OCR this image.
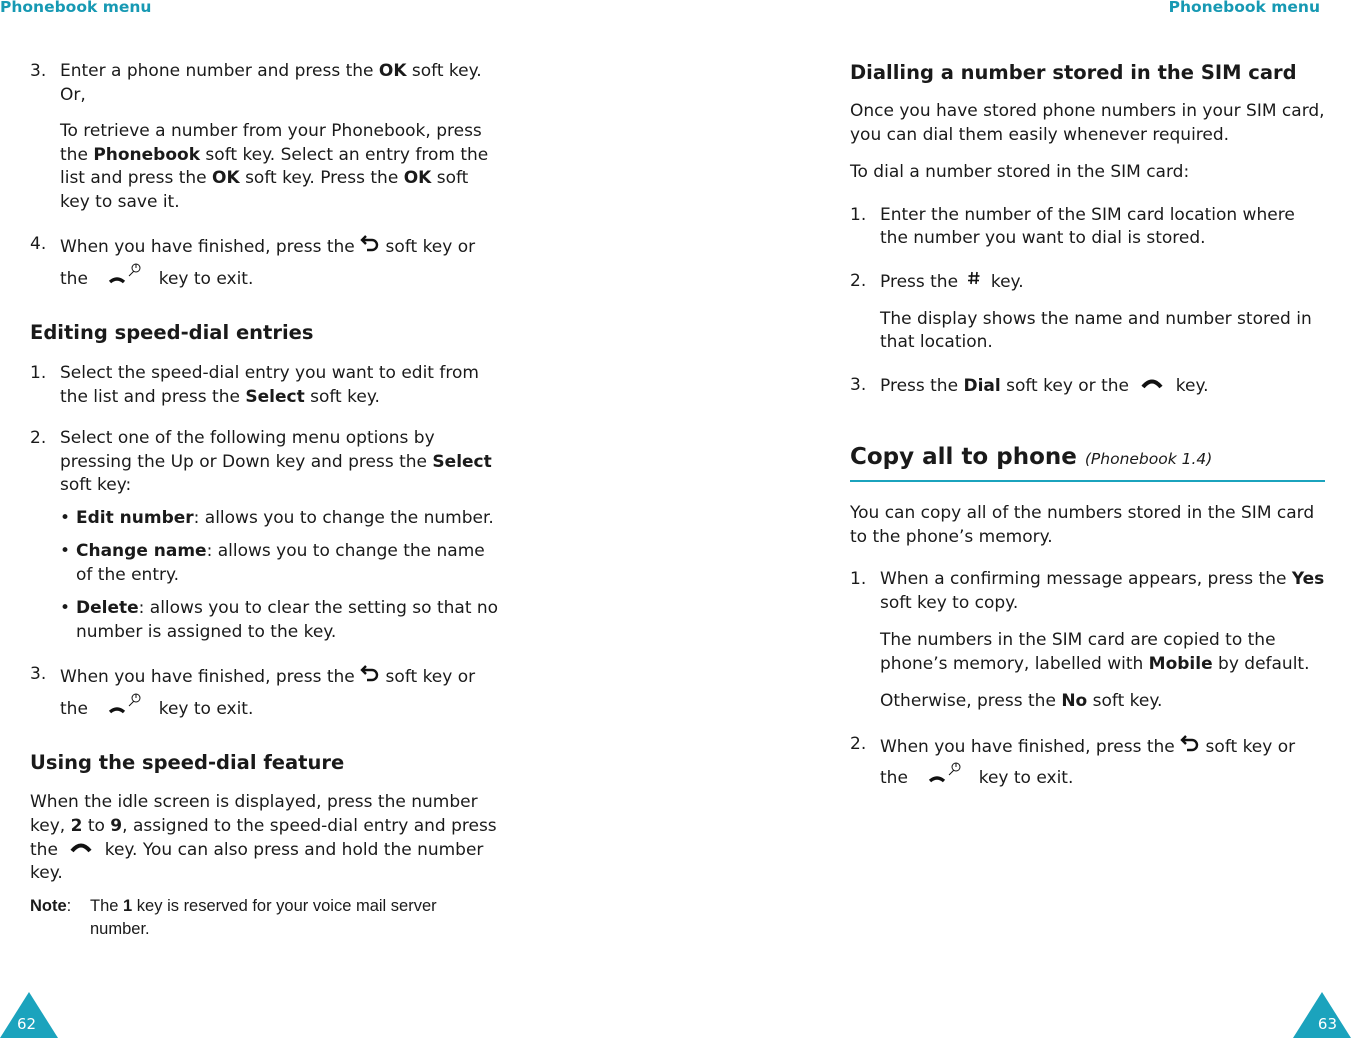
Phonebook menu
3. Enter a phone number and press the OK soft key. Or,

To retrieve a number from your Phonebook, press the Phonebook soft key. Select an entry from the list and press the OK soft key. Press the OK soft key to save it.

4. When you have finished, press the  soft key or the	key to exit.

Editing speed-dial entries
1. Select the speed-dial entry you want to edit from the list and press the Select soft key.

2. Select one of the following menu options by pressing the Up or Down key and press the Select soft key:

• Edit number: allows you to change the number.

• Change name: allows you to change the name of the entry.

• Delete: allows you to clear the setting so that no number is assigned to the key.

3. When you have finished, press the  soft key or the	key to exit.

Using the speed-dial feature

When the idle screen is displayed, press the number key, 2 to 9, assigned to the speed-dial entry and press the  key. You can also press and hold the number key.

Note:	The 1 key is reserved for your voice mail server number.

62
Phonebook menu
Dialling a number stored in the SIM card

Once you have stored phone numbers in your SIM card, you can dial them easily whenever required.

To dial a number stored in the SIM card:

1. Enter the number of the SIM card location where the number you want to dial is stored.

2. Press the  key.

The display shows the name and number stored in that location.

3. Press the Dial soft key or the  key.

Copy all to phone (Phonebook 1.4)

You can copy all of the numbers stored in the SIM card to the phone’s memory.

1. When a confirming message appears, press the Yes soft key to copy.

The numbers in the SIM card are copied to the phone’s memory, labelled with Mobile by default.

Otherwise, press the No soft key.

2. When you have finished, press the  soft key or the	key to exit.

63
